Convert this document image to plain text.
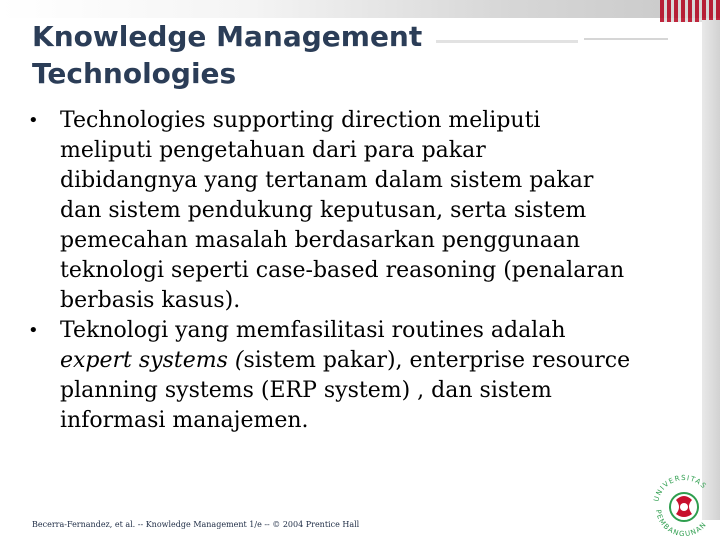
Knowledge Management
Technologies
• Technologies supporting direction meliputi
meliputi pengetahuan dari para pakar
dibidangnya yang tertanam dalam sistem pakar
dan sistem pendukung keputusan, serta sistem
pemecahan masalah berdasarkan penggunaan
teknologi seperti case-based reasoning (penalaran
berbasis kasus).
• Teknologi yang memfasilitasi routines adalah
expert systems (sistem pakar), enterprise resource
planning systems (ERP system) , dan sistem
informasi manajemen.
Becerra-Fernandez, et al. -- Knowledge Management 1/e -- © 2004 Prentice Hall
UNIVERSITAS
PEMBANGUNAN
